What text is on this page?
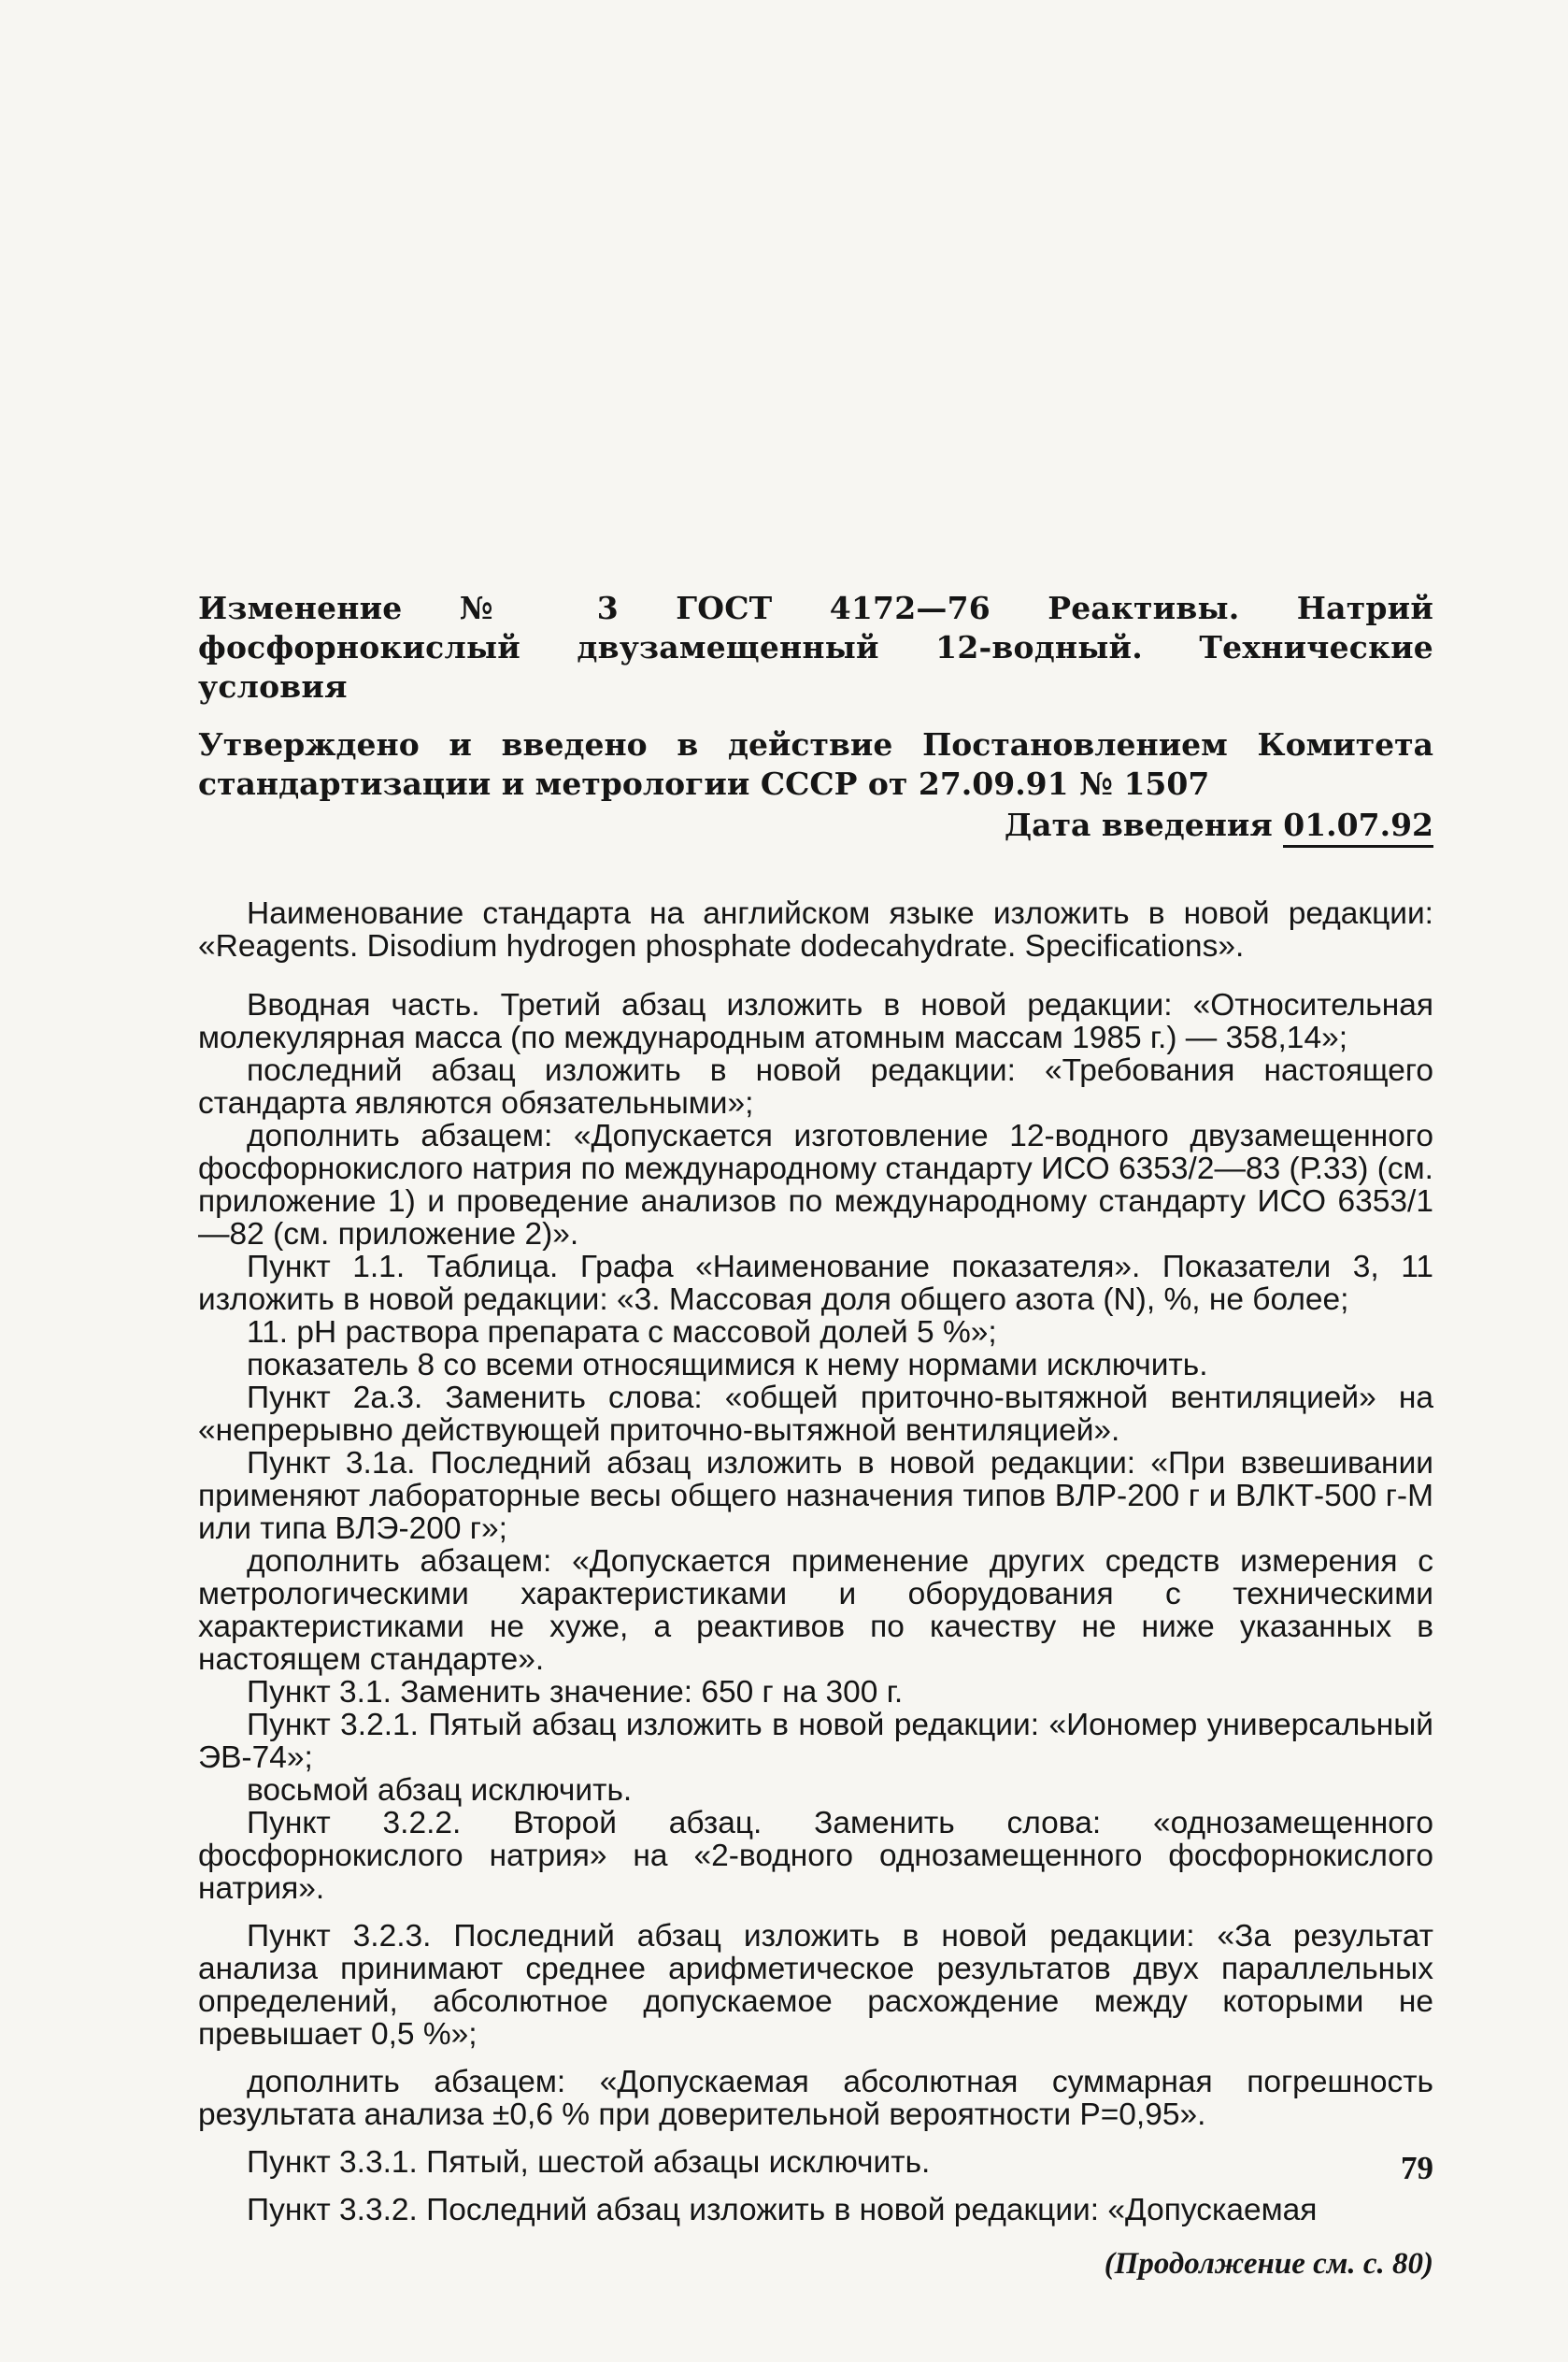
Изменение № 3 ГОСТ 4172—76 Реактивы. Натрий фосфорнокислый двузамещенный 12-водный. Технические условия

Утверждено и введено в действие Постановлением Комитета стандартизации и метрологии СССР от 27.09.91 № 1507

Дата введения 01.07.92

Наименование стандарта на английском языке изложить в новой редакции: «Reagents. Disodium hydrogen phosphate dodecahydrate. Specifications».

Вводная часть. Третий абзац изложить в новой редакции: «Относительная молекулярная масса (по международным атомным массам 1985 г.) — 358,14»;

последний абзац изложить в новой редакции: «Требования настоящего стандарта являются обязательными»;

дополнить абзацем: «Допускается изготовление 12-водного двузамещенного фосфорнокислого натрия по международному стандарту ИСО 6353/2—83 (Р.33) (см. приложение 1) и проведение анализов по международному стандарту ИСО 6353/1—82 (см. приложение 2)».

Пункт 1.1. Таблица. Графа «Наименование показателя». Показатели 3, 11 изложить в новой редакции: «3. Массовая доля общего азота (N), %, не более;

11. pH раствора препарата с массовой долей 5 %»;

показатель 8 со всеми относящимися к нему нормами исключить.

Пункт 2а.3. Заменить слова: «общей приточно-вытяжной вентиляцией» на «непрерывно действующей приточно-вытяжной вентиляцией».

Пункт 3.1а. Последний абзац изложить в новой редакции: «При взвешивании применяют лабораторные весы общего назначения типов ВЛР-200 г и ВЛКТ-500 г-М или типа ВЛЭ-200 г»;

дополнить абзацем: «Допускается применение других средств измерения с метрологическими характеристиками и оборудования с техническими характеристиками не хуже, а реактивов по качеству не ниже указанных в настоящем стандарте».

Пункт 3.1. Заменить значение: 650 г на 300 г.

Пункт 3.2.1. Пятый абзац изложить в новой редакции: «Иономер универсальный ЭВ-74»;

восьмой абзац исключить.

Пункт 3.2.2. Второй абзац. Заменить слова: «однозамещенного фосфорнокислого натрия» на «2-водного однозамещенного фосфорнокислого натрия».

Пункт 3.2.3. Последний абзац изложить в новой редакции: «За результат анализа принимают среднее арифметическое результатов двух параллельных определений, абсолютное допускаемое расхождение между которыми не превышает 0,5 %»;

дополнить абзацем: «Допускаемая абсолютная суммарная погрешность результата анализа ±0,6 % при доверительной вероятности P=0,95».

Пункт 3.3.1. Пятый, шестой абзацы исключить.

Пункт 3.3.2. Последний абзац изложить в новой редакции: «Допускаемая

(Продолжение см. с. 80)
79
